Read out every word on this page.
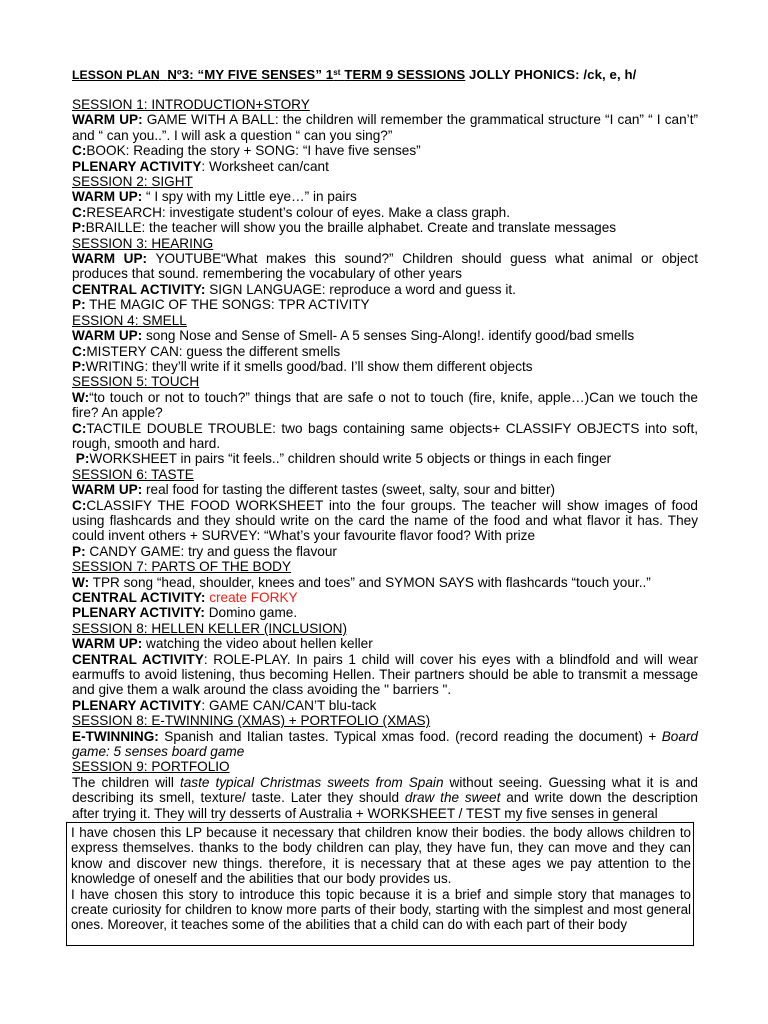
LESSON PLAN Nº3: “MY FIVE SENSES” 1st TERM 9 SESSIONS JOLLY PHONICS: /ck, e, h/

SESSION 1: INTRODUCTION+STORY

WARM UP: GAME WITH A BALL: the children will remember the grammatical structure “I can” “ I can’t” and “ can you..”. I will ask a question “ can you sing?”

C:BOOK: Reading the story + SONG: “I have five senses”

PLENARY ACTIVITY: Worksheet can/cant

SESSION 2: SIGHT

WARM UP: “ I spy with my Little eye…” in pairs

C:RESEARCH: investigate student’s colour of eyes. Make a class graph.

P:BRAILLE: the teacher will show you the braille alphabet. Create and translate messages

SESSION 3: HEARING

WARM UP: YOUTUBE“What makes this sound?” Children should guess what animal or object produces that sound. remembering the vocabulary of other years

CENTRAL ACTIVITY: SIGN LANGUAGE: reproduce a word and guess it.

P: THE MAGIC OF THE SONGS: TPR ACTIVITY

ESSION 4: SMELL

WARM UP: song Nose and Sense of Smell- A 5 senses Sing-Along!. identify good/bad smells

C:MISTERY CAN: guess the different smells

P:WRITING: they’ll write if it smells good/bad. I’ll show them different objects

SESSION 5: TOUCH

W:“to touch or not to touch?” things that are safe o not to touch (fire, knife, apple…)Can we touch the fire? An apple?

C:TACTILE DOUBLE TROUBLE: two bags containing same objects+ CLASSIFY OBJECTS into soft, rough, smooth and hard.

P:WORKSHEET in pairs “it feels..” children should write 5 objects or things in each finger

SESSION 6: TASTE

WARM UP: real food for tasting the different tastes (sweet, salty, sour and bitter)

C:CLASSIFY THE FOOD WORKSHEET into the four groups. The teacher will show images of food using flashcards and they should write on the card the name of the food and what flavor it has. They could invent others + SURVEY: “What’s your favourite flavor food? With prize

P: CANDY GAME: try and guess the flavour

SESSION 7: PARTS OF THE BODY

W: TPR song “head, shoulder, knees and toes” and SYMON SAYS with flashcards “touch your..”

CENTRAL ACTIVITY: create FORKY

PLENARY ACTIVITY: Domino game.

SESSION 8: HELLEN KELLER (INCLUSION)

WARM UP: watching the video about hellen keller

CENTRAL ACTIVITY: ROLE-PLAY. In pairs 1 child will cover his eyes with a blindfold and will wear earmuffs to avoid listening, thus becoming Hellen. Their partners should be able to transmit a message and give them a walk around the class avoiding the " barriers ".

PLENARY ACTIVITY: GAME CAN/CAN’T blu-tack

SESSION 8: E-TWINNING (XMAS) + PORTFOLIO (XMAS)

E-TWINNING: Spanish and Italian tastes. Typical xmas food. (record reading the document) + Board game: 5 senses board game

SESSION 9: PORTFOLIO

The children will taste typical Christmas sweets from Spain without seeing. Guessing what it is and describing its smell, texture/ taste. Later they should draw the sweet and write down the description after trying it. They will try desserts of Australia + WORKSHEET / TEST my five senses in general

I have chosen this LP because it necessary that children know their bodies. the body allows children to express themselves. thanks to the body children can play, they have fun, they can move and they can know and discover new things. therefore, it is necessary that at these ages we pay attention to the knowledge of oneself and the abilities that our body provides us.

I have chosen this story to introduce this topic because it is a brief and simple story that manages to create curiosity for children to know more parts of their body, starting with the simplest and most general ones. Moreover, it teaches some of the abilities that a child can do with each part of their body
